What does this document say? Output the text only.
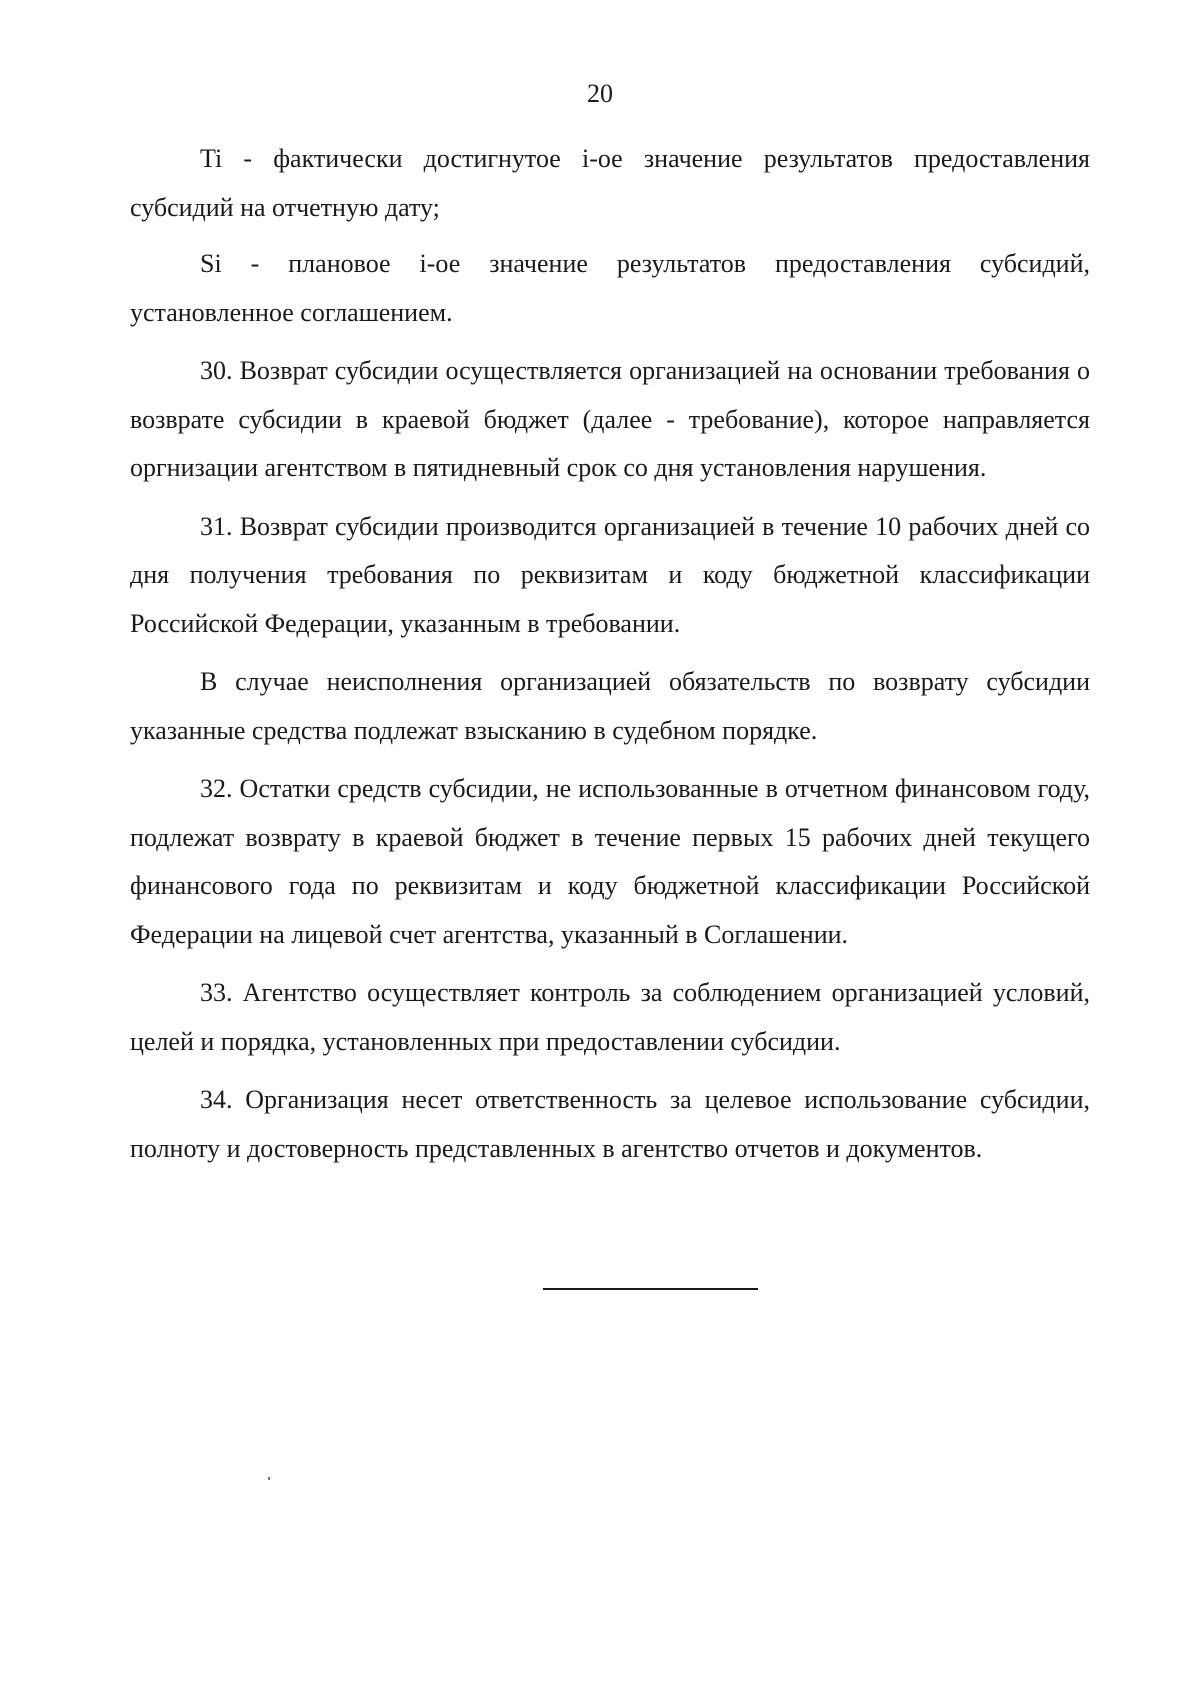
20

Ti - фактически достигнутое i-ое значение результатов предоставления субсидий на отчетную дату;

Si - плановое i-ое значение результатов предоставления субсидий, установленное соглашением.

30. Возврат субсидии осуществляется организацией на основании требования о возврате субсидии в краевой бюджет (далее - требование), которое направляется оргнизации агентством в пятидневный срок со дня установления нарушения.

31. Возврат субсидии производится организацией в течение 10 рабочих дней со дня получения требования по реквизитам и коду бюджетной классификации Российской Федерации, указанным в требовании.

В случае неисполнения организацией обязательств по возврату субсидии указанные средства подлежат взысканию в судебном порядке.

32. Остатки средств субсидии, не использованные в отчетном финансовом году, подлежат возврату в краевой бюджет в течение первых 15 рабочих дней текущего финансового года по реквизитам и коду бюджетной классификации Российской Федерации на лицевой счет агентства, указанный в Соглашении.

33. Агентство осуществляет контроль за соблюдением организацией условий, целей и порядка, установленных при предоставлении субсидии.

34. Организация несет ответственность за целевое использование субсидии, полноту и достоверность представленных в агентство отчетов и документов.
